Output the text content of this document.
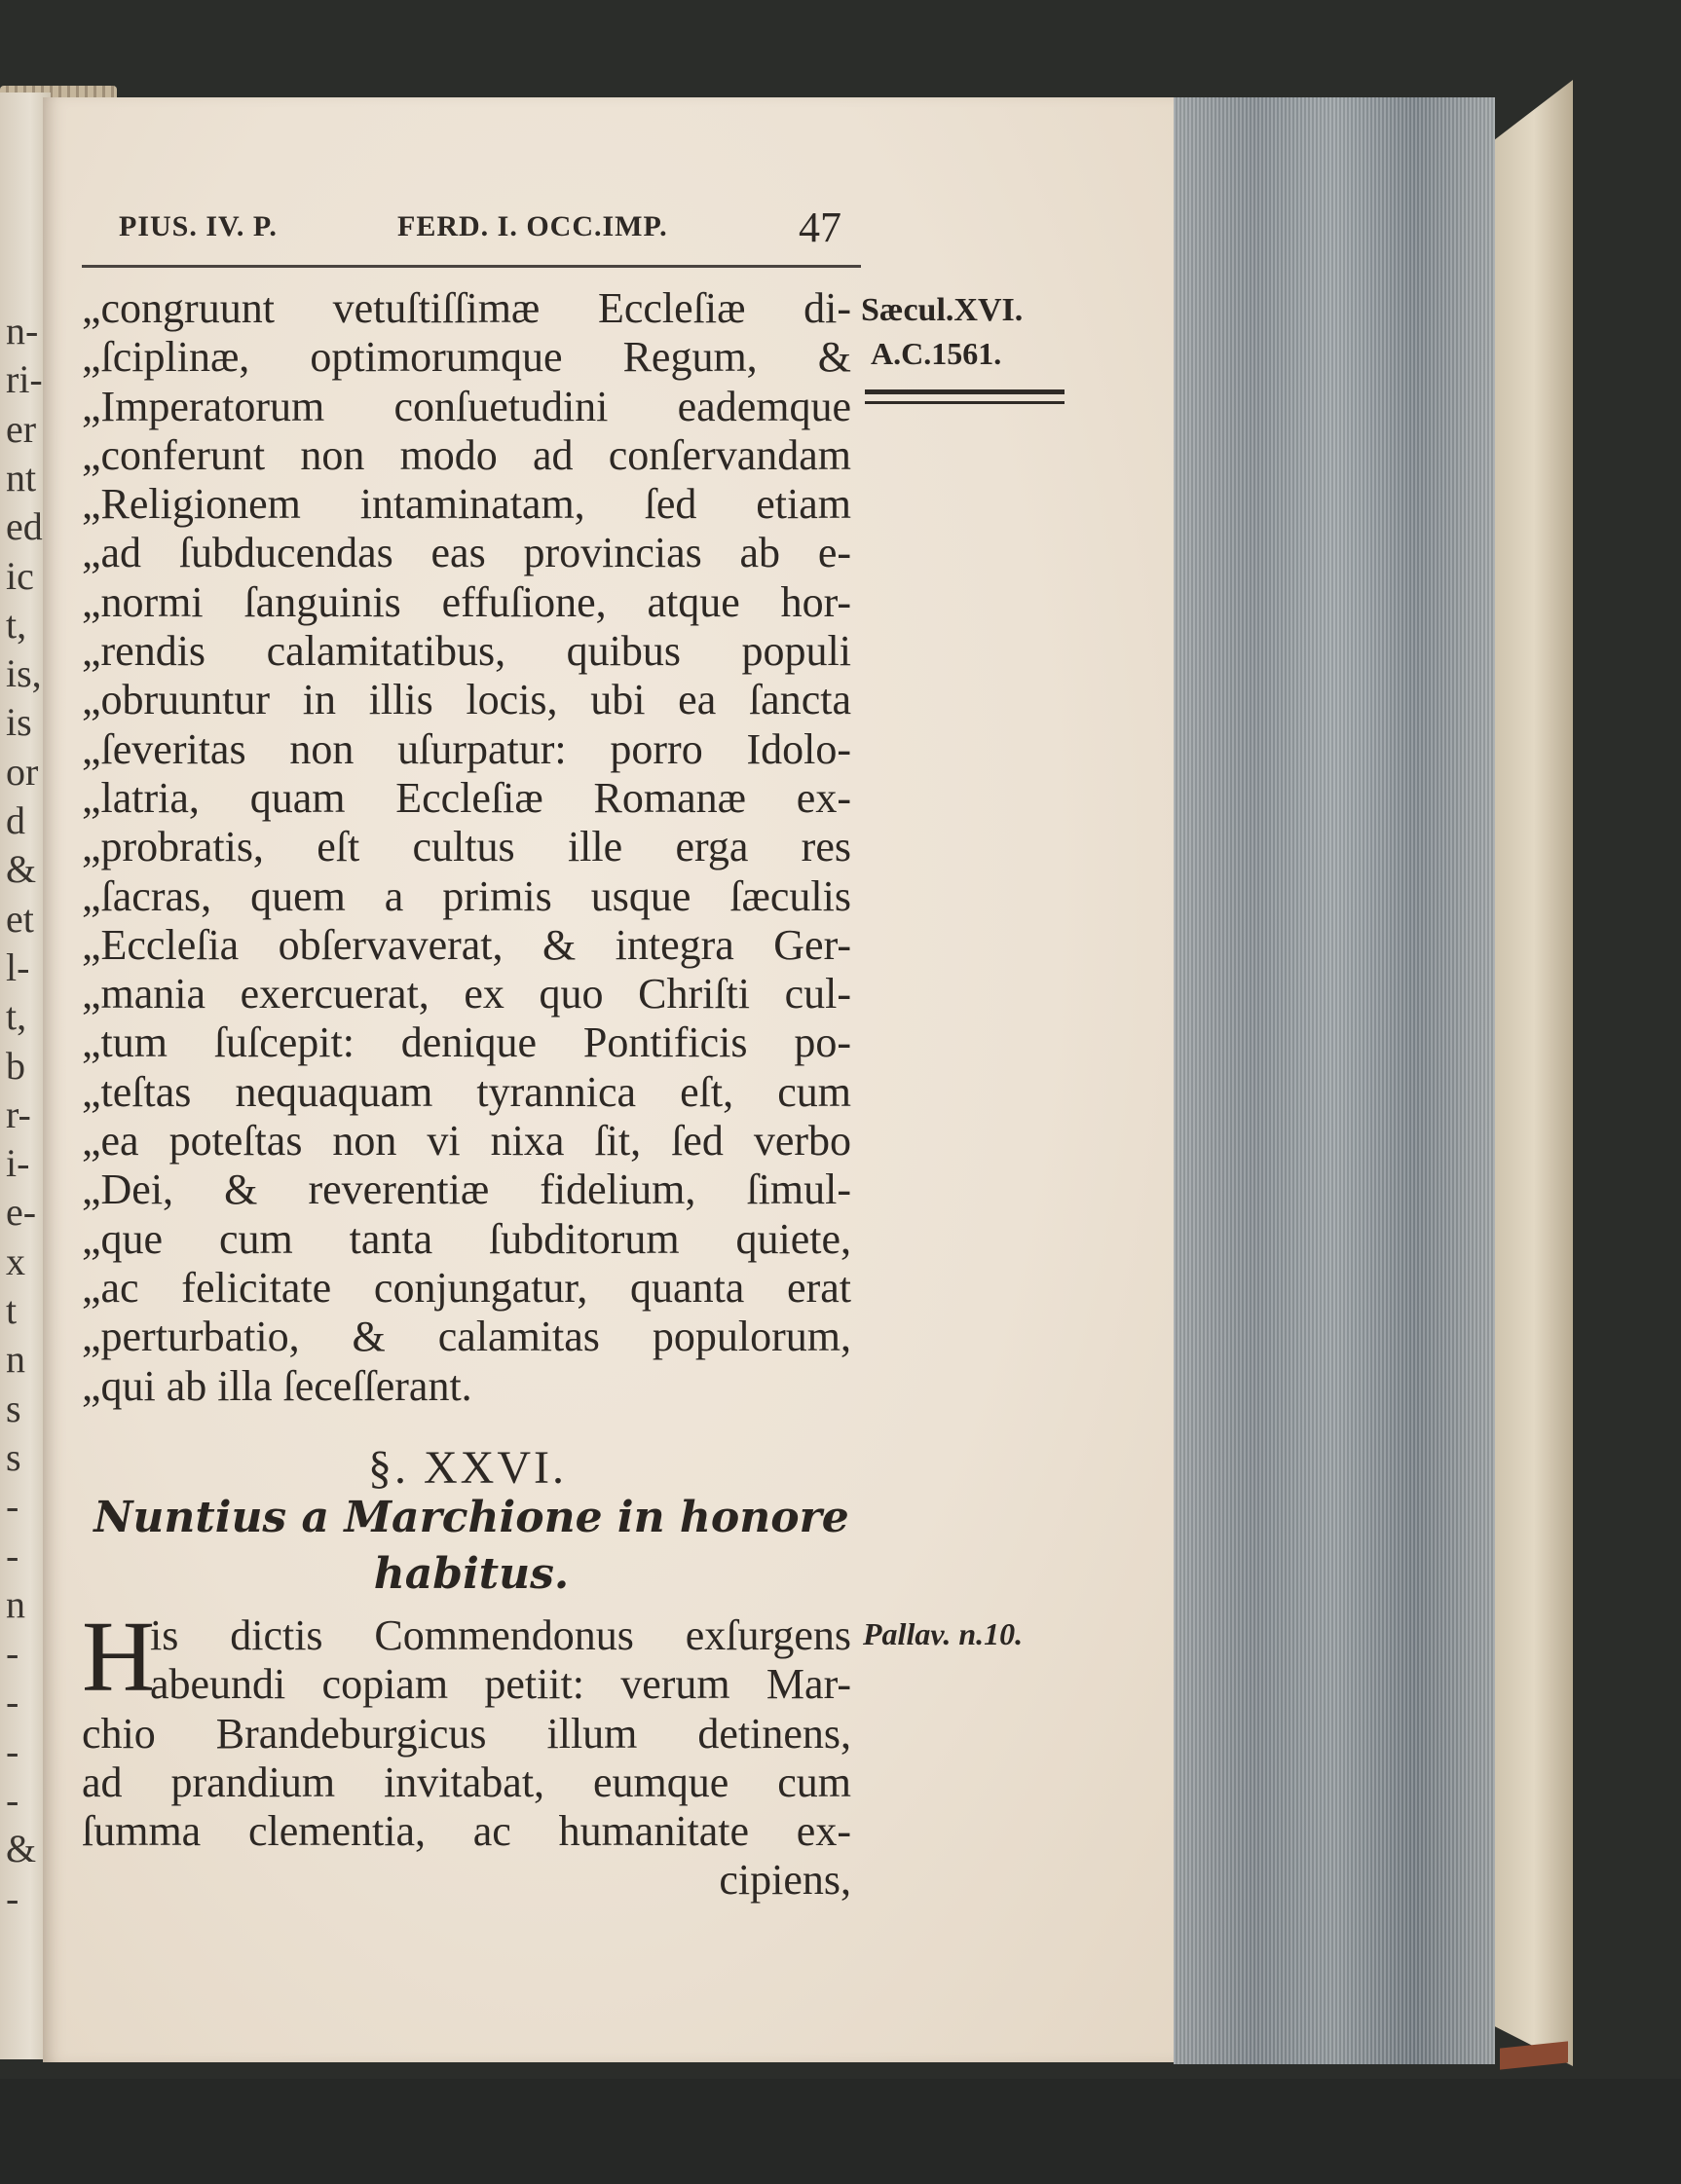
n-
ri-
er
nt
ed
ic
t,
is,
is
or
d
&
et
l-
t,
b
r-
i-
e-
x
t
n
s
s
-
-
n
-
-
-
-
&
-
PIUS. IV. P.	FERD. I. OCC.IMP.	47
Sæcul.XVI.
A.C.1561.
„congruunt vetuſtiſſimæ Eccleſiæ di-
„ſciplinæ, optimorumque Regum, &
„Imperatorum conſuetudini eademque
„conferunt non modo ad conſervandam
„Religionem intaminatam, ſed etiam
„ad ſubducendas eas provincias ab e-
„normi ſanguinis effuſione, atque hor-
„rendis calamitatibus, quibus populi
„obruuntur in illis locis, ubi ea ſancta
„ſeveritas non uſurpatur: porro Idolo-
„latria, quam Eccleſiæ Romanæ ex-
„probratis, eſt cultus ille erga res
„ſacras, quem a primis usque ſæculis
„Eccleſia obſervaverat, & integra Ger-
„mania exercuerat, ex quo Chriſti cul-
„tum ſuſcepit: denique Pontificis po-
„teſtas nequaquam tyrannica eſt, cum
„ea poteſtas non vi nixa ſit, ſed verbo
„Dei, & reverentiæ fidelium, ſimul-
„que cum tanta ſubditorum quiete,
„ac felicitate conjungatur, quanta erat
„perturbatio, & calamitas populorum,
„qui ab illa ſeceſſerant.
§. XXVI.
Nuntius a Marchione in honore
habitus.
Pallav. n.10.
H
is dictis Commendonus exſurgens
abeundi copiam petiit: verum Mar-
chio Brandeburgicus illum detinens,
ad prandium invitabat, eumque cum
ſumma clementia, ac humanitate ex-
cipiens,
